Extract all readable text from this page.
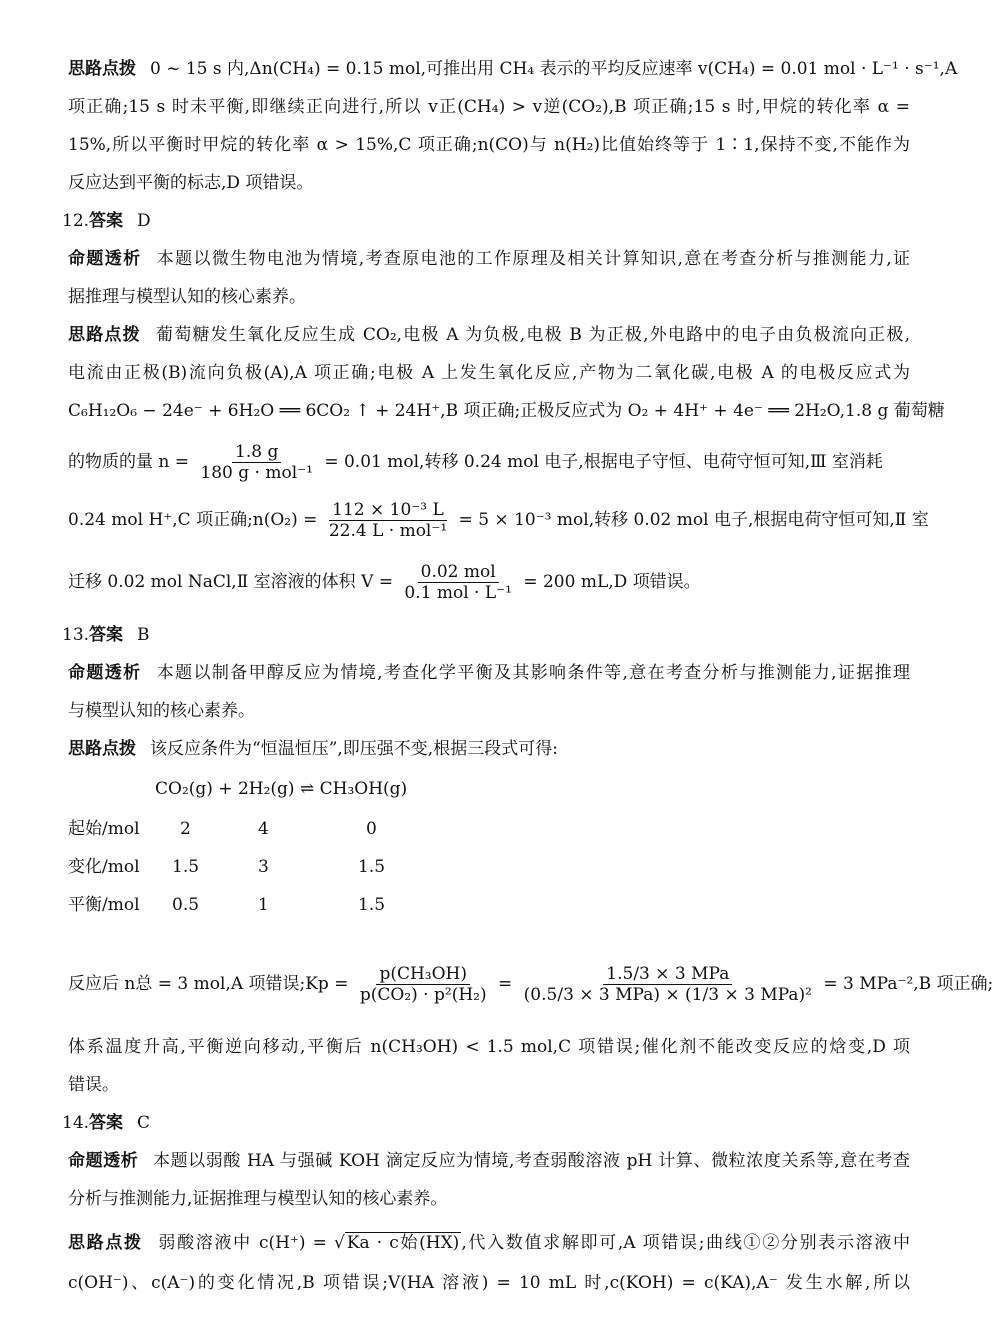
思路点拨 0 ~ 15 s 内,Δn(CH₄) = 0.15 mol,可推出用 CH₄ 表示的平均反应速率 v(CH₄) = 0.01 mol · L⁻¹ · s⁻¹,A
项正确;15 s 时未平衡,即继续正向进行,所以 v正(CH₄) > v逆(CO₂),B 项正确;15 s 时,甲烷的转化率 α =
15%,所以平衡时甲烷的转化率 α > 15%,C 项正确;n(CO)与 n(H₂)比值始终等于 1∶1,保持不变,不能作为
反应达到平衡的标志,D 项错误。
12.答案 D
命题透析 本题以微生物电池为情境,考查原电池的工作原理及相关计算知识,意在考查分析与推测能力,证
据推理与模型认知的核心素养。
思路点拨 葡萄糖发生氧化反应生成 CO₂,电极 A 为负极,电极 B 为正极,外电路中的电子由负极流向正极,
电流由正极(B)流向负极(A),A 项正确;电极 A 上发生氧化反应,产物为二氧化碳,电极 A 的电极反应式为
C₆H₁₂O₆ − 24e⁻ + 6H₂O ══ 6CO₂ ↑ + 24H⁺,B 项正确;正极反应式为 O₂ + 4H⁺ + 4e⁻ ══ 2H₂O,1.8 g 葡萄糖
的物质的量 $n = \frac{1.8 g}{\text{180 g · mol⁻¹}} = 0.01$ mol,转移 0.24 mol 电子,根据电子守恒、电荷守恒可知,Ⅲ 室消耗
0.24 mol H⁺,C 项正确;n(O₂) = $\frac{\text{112 × 10⁻³ L}}{\text{22.4 L · mol⁻¹}} = 5 \times 10^{-3}$ mol,转移 0.02 mol 电子,根据电荷守恒可知,Ⅱ 室
迁移 0.02 mol NaCl,Ⅱ 室溶液的体积 $V = \frac{\text{0.02 mol}}{\text{0.1 mol · L⁻¹}} = 200$ mL,D 项错误。
13.答案 B
命题透析 本题以制备甲醇反应为情境,考查化学平衡及其影响条件等,意在考查分析与推测能力,证据推理
与模型认知的核心素养。
思路点拨 该反应条件为“恒温恒压”,即压强不变,根据三段式可得:
CO₂(g) + 2H₂(g) ⇌ CH₃OH(g)
起始/mol 2	4	0
变化/mol 1.5	3	1.5
平衡/mol 0.5	1	1.5
反应后 n总 = 3 mol,A 项错误;Kp = $\frac{\text{p(CH₃OH)}}{\text{p(CO₂) · p²(H₂)}} = \frac{\text{1.5/3 × 3 MPa}}{\text{(0.5/3 × 3 MPa) × (1/3 × 3 MPa)²}} = 3$ MPa⁻²,B 项正确;
体系温度升高,平衡逆向移动,平衡后 n(CH₃OH) < 1.5 mol,C 项错误;催化剂不能改变反应的焓变,D 项
错误。
14.答案 C
命题透析 本题以弱酸 HA 与强碱 KOH 滴定反应为情境,考查弱酸溶液 pH 计算、微粒浓度关系等,意在考查
分析与推测能力,证据推理与模型认知的核心素养。
思路点拨 弱酸溶液中 c(H⁺) = √ Ka · c始(HX) ,代入数值求解即可,A 项错误;曲线①②分别表示溶液中
c(OH⁻)、c(A⁻)的变化情况,B 项错误;V(HA 溶液) = 10 mL 时,c(KOH) = c(KA),A⁻ 发生水解,所以
